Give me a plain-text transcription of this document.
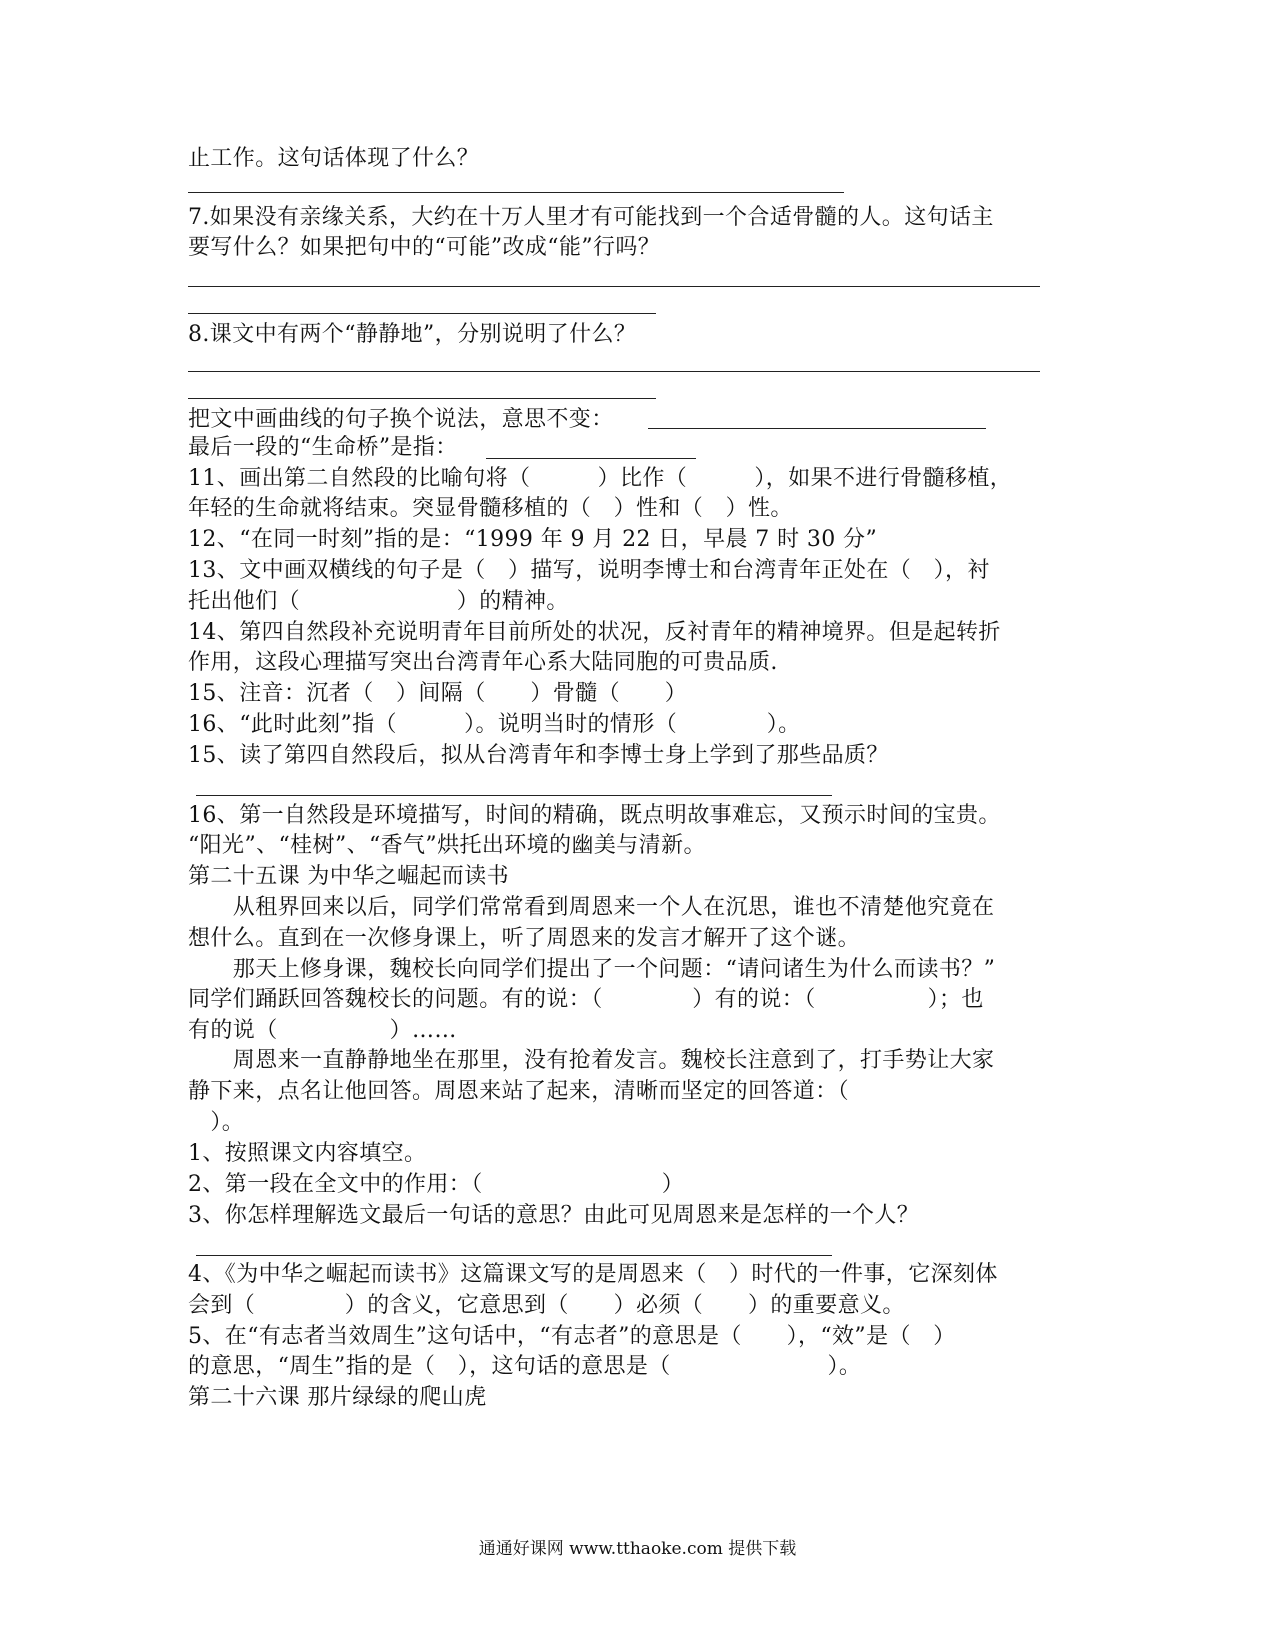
止工作。这句话体现了什么？
7.如果没有亲缘关系，大约在十万人里才有可能找到一个合适骨髓的人。这句话主
要写什么？如果把句中的“可能”改成“能”行吗？
8.课文中有两个“静静地”，分别说明了什么？
把文中画曲线的句子换个说法，意思不变：
最后一段的“生命桥”是指：
11、画出第二自然段的比喻句将（　　　）比作（　　　），如果不进行骨髓移植，
年轻的生命就将结束。突显骨髓移植的（　）性和（　）性。
12、“在同一时刻”指的是：“1999 年 9 月 22 日，早晨 7 时 30 分”
13、文中画双横线的句子是（　）描写，说明李博士和台湾青年正处在（　），衬
托出他们（　　　　　　　）的精神。
14、第四自然段补充说明青年目前所处的状况，反衬青年的精神境界。但是起转折
作用，这段心理描写突出台湾青年心系大陆同胞的可贵品质.
15、注音：沉者（　）间隔（　　）骨髓（　　）
16、“此时此刻”指（　　　）。说明当时的情形（　　　　）。
15、读了第四自然段后，拟从台湾青年和李博士身上学到了那些品质？
16、第一自然段是环境描写，时间的精确，既点明故事难忘，又预示时间的宝贵。
“阳光”、“桂树”、“香气”烘托出环境的幽美与清新。
第二十五课 为中华之崛起而读书
　　从租界回来以后，同学们常常看到周恩来一个人在沉思，谁也不清楚他究竟在
想什么。直到在一次修身课上，听了周恩来的发言才解开了这个谜。
　　那天上修身课，魏校长向同学们提出了一个问题：“请问诸生为什么而读书？”
同学们踊跃回答魏校长的问题。有的说：（　　　　）有的说：（　　　　　）；也
有的说（　　　　　）……
　　周恩来一直静静地坐在那里，没有抢着发言。魏校长注意到了，打手势让大家
静下来，点名让他回答。周恩来站了起来，清晰而坚定的回答道：（
　）。
1、按照课文内容填空。
2、第一段在全文中的作用：（　　　　　　　　）
3、你怎样理解选文最后一句话的意思？由此可见周恩来是怎样的一个人？
4、《为中华之崛起而读书》这篇课文写的是周恩来（　）时代的一件事，它深刻体
会到（　　　　）的含义，它意思到（　　）必须（　　）的重要意义。
5、在“有志者当效周生”这句话中，“有志者”的意思是（　　），“效”是（　）
的意思，“周生”指的是（　），这句话的意思是（　　　　　　　）。
第二十六课 那片绿绿的爬山虎
通通好课网 www.tthaoke.com 提供下载
